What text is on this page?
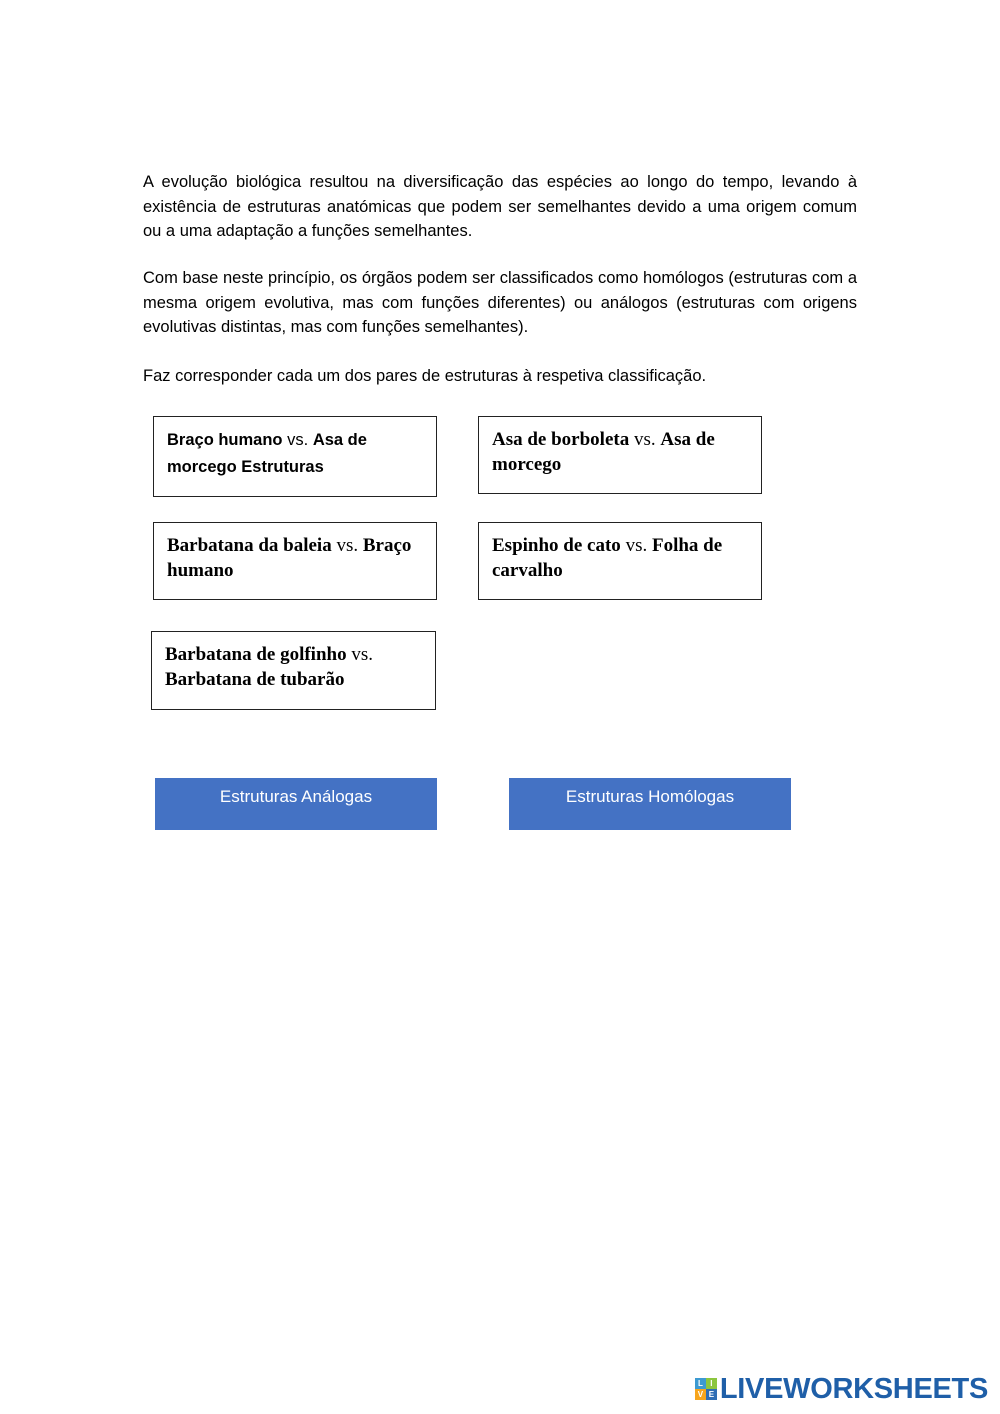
A evolução biológica resultou na diversificação das espécies ao longo do tempo, levando à existência de estruturas anatómicas que podem ser semelhantes devido a uma origem comum ou a uma adaptação a funções semelhantes.

Com base neste princípio, os órgãos podem ser classificados como homólogos (estruturas com a mesma origem evolutiva, mas com funções diferentes) ou análogos (estruturas com origens evolutivas distintas, mas com funções semelhantes).

Faz corresponder cada um dos pares de estruturas à respetiva classificação.

Braço humano vs. Asa de morcego Estruturas
Asa de borboleta vs. Asa de morcego
Barbatana da baleia vs. Braço humano
Espinho de cato vs. Folha de carvalho
Barbatana de golfinho vs. Barbatana de tubarão
Estruturas Análogas	Estruturas Homólogas
L I
V E LIVEWORKSHEETS
